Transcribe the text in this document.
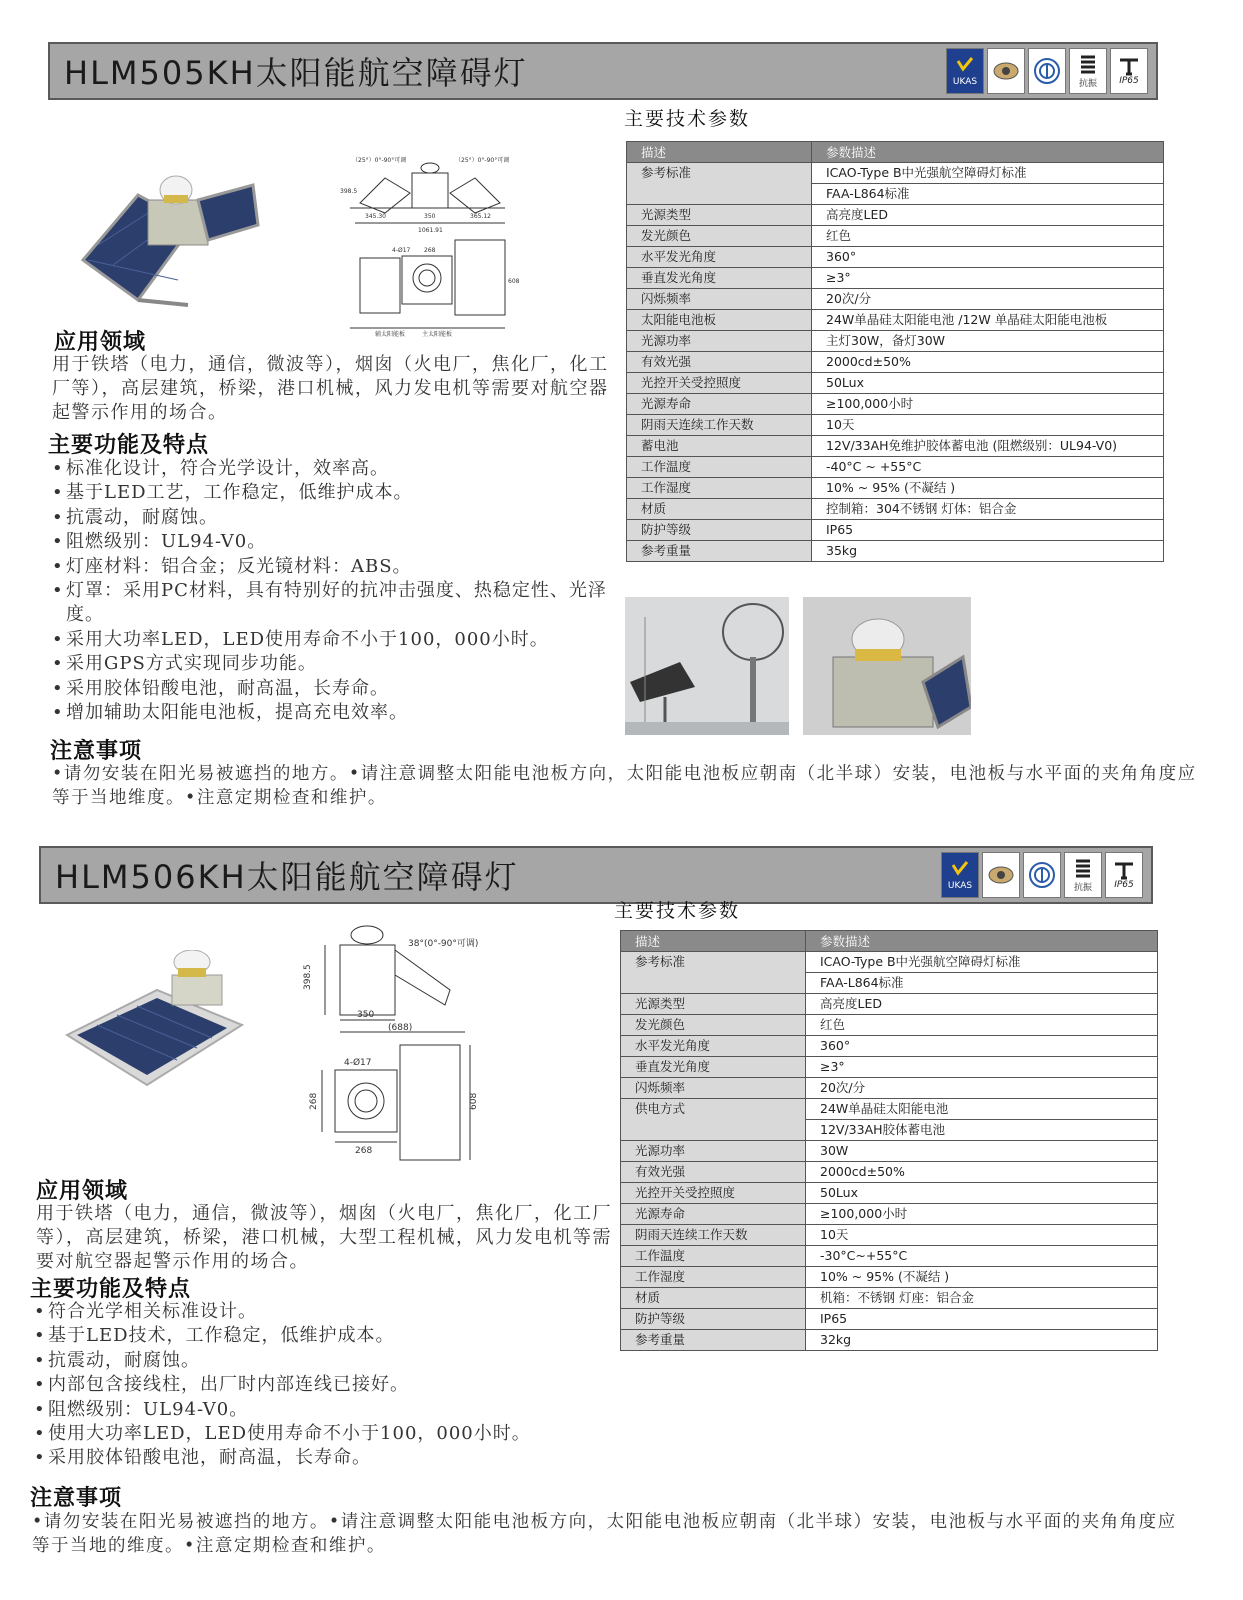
HLM505KH太阳能航空障碍灯	UKAS	抗振 IP65
（25°）0°-90°可调	（25°）0°-90°可调
345.30	350	365.12
1061.91
398.5
4-Ø17 268
608
辅太阳能板	主太阳能板
主要技术参数
描述	参数描述
参考标准	ICAO-Type B中光强航空障碍灯标准
	FAA-L864标准
光源类型	高亮度LED
发光颜色	红色
水平发光角度	360°
垂直发光角度	≥3°
闪烁频率	20次/分
太阳能电池板	24W单晶硅太阳能电池 /12W 单晶硅太阳能电池板
光源功率	主灯30W，备灯30W
有效光强	2000cd±50%
光控开关受控照度	50Lux
光源寿命	≥100,000小时
阴雨天连续工作天数	10天
蓄电池	12V/33AH免维护胶体蓄电池 (阻燃级别：UL94-V0)
工作温度	-40°C ~ +55°C
工作湿度	10% ~ 95% (不凝结 )
材质	控制箱：304不锈钢 灯体：铝合金
防护等级	IP65
参考重量	35kg
应用领域
用于铁塔（电力，通信，微波等），烟囱（火电厂，焦化厂，化工厂等），高层建筑，桥梁，港口机械，风力发电机等需要对航空器起警示作用的场合。
主要功能及特点
• 标准化设计，符合光学设计，效率高。
• 基于LED工艺，工作稳定，低维护成本。
• 抗震动，耐腐蚀。
• 阻燃级别：UL94-V0。
• 灯座材料：铝合金；反光镜材料：ABS。
• 灯罩：采用PC材料，具有特别好的抗冲击强度、热稳定性、光泽度。
• 采用大功率LED，LED使用寿命不小于100，000小时。
• 采用GPS方式实现同步功能。
• 采用胶体铅酸电池，耐高温，长寿命。
• 增加辅助太阳能电池板，提高充电效率。
注意事项
•请勿安装在阳光易被遮挡的地方。•请注意调整太阳能电池板方向，太阳能电池板应朝南（北半球）安装，电池板与水平面的夹角角度应等于当地维度。•注意定期检查和维护。
HLM506KH太阳能航空障碍灯	UKAS	抗振 IP65
38°(0°-90°可调)
398.5
350
(688)
4-Ø17
268
268
608
主要技术参数
描述	参数描述
参考标准	ICAO-Type B中光强航空障碍灯标准
	FAA-L864标准
光源类型	高亮度LED
发光颜色	红色
水平发光角度	360°
垂直发光角度	≥3°
闪烁频率	20次/分
供电方式	24W单晶硅太阳能电池
	12V/33AH胶体蓄电池
光源功率	30W
有效光强	2000cd±50%
光控开关受控照度	50Lux
光源寿命	≥100,000小时
阴雨天连续工作天数	10天
工作温度	-30°C~+55°C
工作湿度	10% ~ 95% (不凝结 )
材质	机箱：不锈钢 灯座：铝合金
防护等级	IP65
参考重量	32kg
应用领域
用于铁塔（电力，通信，微波等），烟囱（火电厂，焦化厂，化工厂等），高层建筑，桥梁，港口机械，大型工程机械，风力发电机等需要对航空器起警示作用的场合。
主要功能及特点
• 符合光学相关标准设计。
• 基于LED技术，工作稳定，低维护成本。
• 抗震动，耐腐蚀。
• 内部包含接线柱，出厂时内部连线已接好。
• 阻燃级别：UL94-V0。
• 使用大功率LED，LED使用寿命不小于100，000小时。
• 采用胶体铅酸电池，耐高温，长寿命。
注意事项
•请勿安装在阳光易被遮挡的地方。•请注意调整太阳能电池板方向，太阳能电池板应朝南（北半球）安装，电池板与水平面的夹角角度应等于当地的维度。•注意定期检查和维护。
